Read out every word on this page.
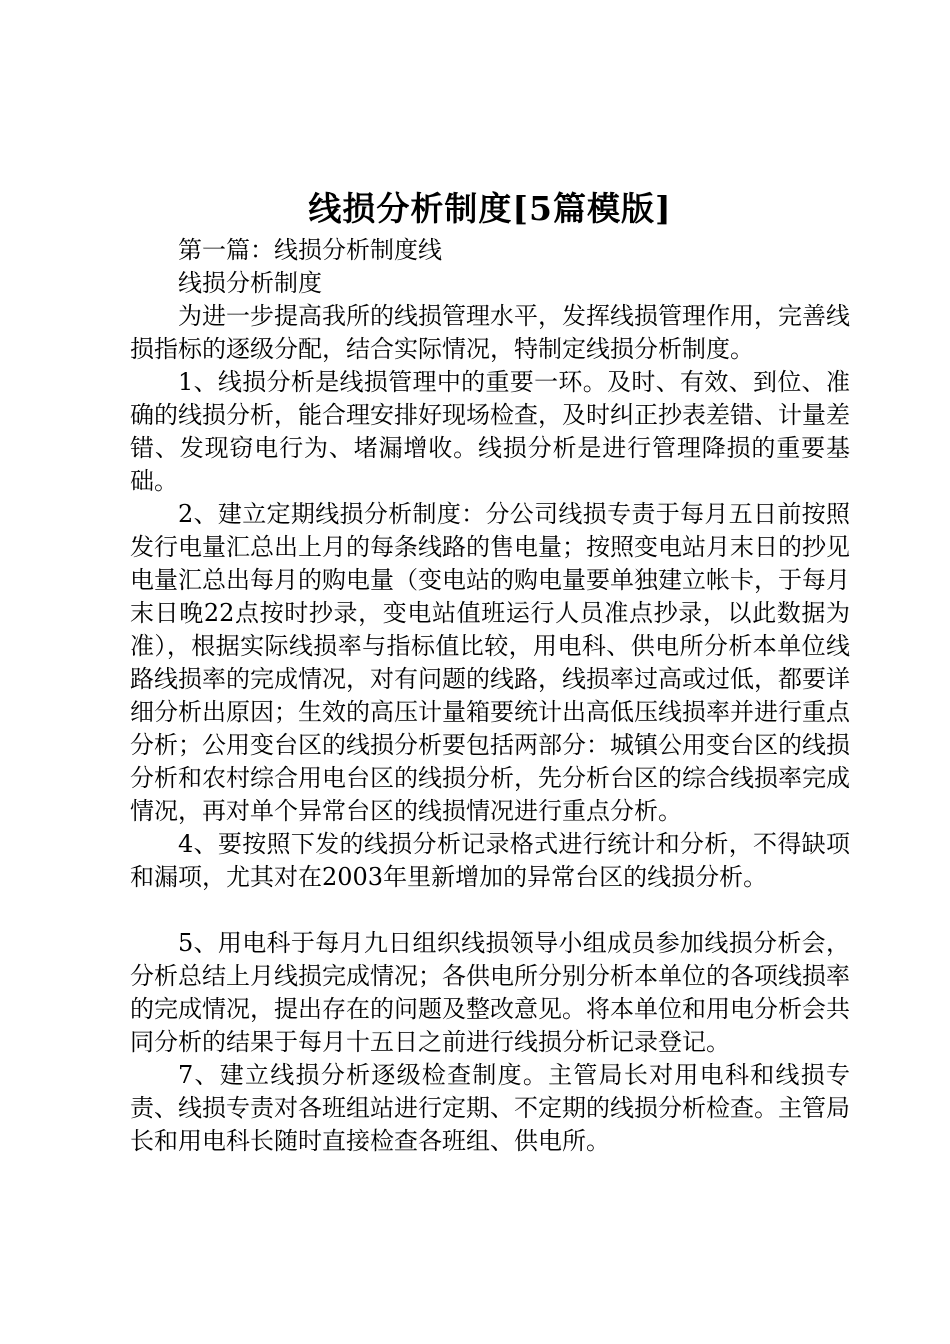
线损分析制度[5篇模版]

第一篇：线损分析制度线

线损分析制度

为进一步提高我所的线损管理水平，发挥线损管理作用，完善线损指标的逐级分配，结合实际情况，特制定线损分析制度。

1、线损分析是线损管理中的重要一环。及时、有效、到位、准确的线损分析，能合理安排好现场检查，及时纠正抄表差错、计量差错、发现窃电行为、堵漏增收。线损分析是进行管理降损的重要基础。

2、建立定期线损分析制度：分公司线损专责于每月五日前按照发行电量汇总出上月的每条线路的售电量；按照变电站月末日的抄见电量汇总出每月的购电量（变电站的购电量要单独建立帐卡，于每月末日晚22点按时抄录，变电站值班运行人员准点抄录，以此数据为准），根据实际线损率与指标值比较，用电科、供电所分析本单位线路线损率的完成情况，对有问题的线路，线损率过高或过低，都要详细分析出原因；生效的高压计量箱要统计出高低压线损率并进行重点分析；公用变台区的线损分析要包括两部分：城镇公用变台区的线损分析和农村综合用电台区的线损分析，先分析台区的综合线损率完成情况，再对单个异常台区的线损情况进行重点分析。

4、要按照下发的线损分析记录格式进行统计和分析，不得缺项和漏项，尤其对在2003年里新增加的异常台区的线损分析。

5、用电科于每月九日组织线损领导小组成员参加线损分析会，分析总结上月线损完成情况；各供电所分别分析本单位的各项线损率的完成情况，提出存在的问题及整改意见。将本单位和用电分析会共同分析的结果于每月十五日之前进行线损分析记录登记。

7、建立线损分析逐级检查制度。主管局长对用电科和线损专责、线损专责对各班组站进行定期、不定期的线损分析检查。主管局长和用电科长随时直接检查各班组、供电所。
